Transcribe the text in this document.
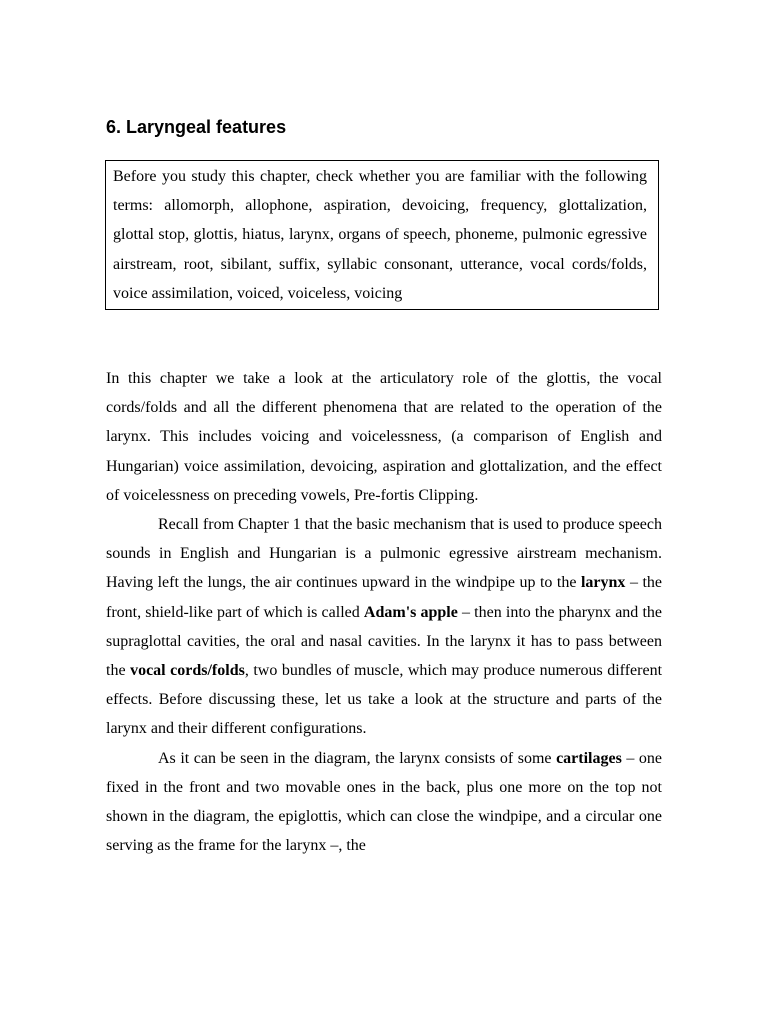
6. Laryngeal features
Before you study this chapter, check whether you are familiar with the following terms: allomorph, allophone, aspiration, devoicing, frequency, glottalization, glottal stop, glottis, hiatus, larynx, organs of speech, phoneme, pulmonic egressive airstream, root, sibilant, suffix, syllabic consonant, utterance, vocal cords/folds, voice assimilation, voiced, voiceless, voicing

In this chapter we take a look at the articulatory role of the glottis, the vocal cords/folds and all the different phenomena that are related to the operation of the larynx. This includes voicing and voicelessness, (a comparison of English and Hungarian) voice assimilation, devoicing, aspiration and glottalization, and the effect of voicelessness on preceding vowels, Pre-fortis Clipping.

Recall from Chapter 1 that the basic mechanism that is used to produce speech sounds in English and Hungarian is a pulmonic egressive airstream mechanism. Having left the lungs, the air continues upward in the windpipe up to the larynx – the front, shield-like part of which is called Adam's apple – then into the pharynx and the supraglottal cavities, the oral and nasal cavities. In the larynx it has to pass between the vocal cords/folds, two bundles of muscle, which may produce numerous different effects. Before discussing these, let us take a look at the structure and parts of the larynx and their different configurations.

As it can be seen in the diagram, the larynx consists of some cartilages – one fixed in the front and two movable ones in the back, plus one more on the top not shown in the diagram, the epiglottis, which can close the windpipe, and a circular one serving as the frame for the larynx –, the
